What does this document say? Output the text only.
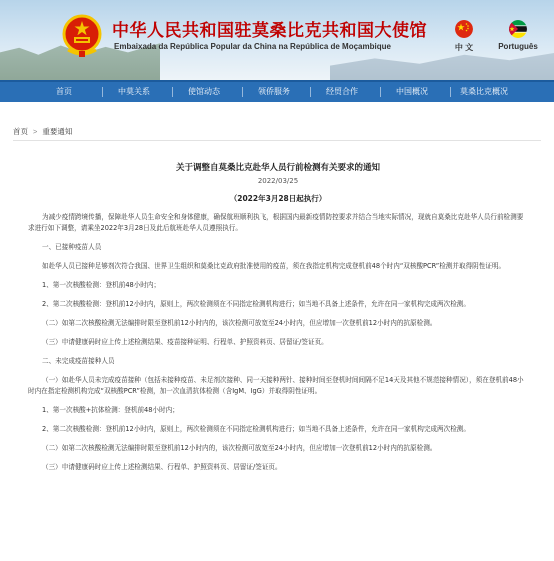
中华人民共和国驻莫桑比克共和国大使馆
Embaixada da República Popular da China na República de Moçambique	中 文	Português
首页	中莫关系	使馆动态	领侨服务	经贸合作	中国概况	莫桑比克概况
首页 > 重要通知
关于调整自莫桑比克赴华人员行前检测有关要求的通知
2022/03/25
（2022年3月28日起执行）

为减少疫情跨境传播，保障赴华人员生命安全和身体健康，确保航班顺利执飞，根据国内最新疫情防控要求并结合当地实际情况，现就自莫桑比克赴华人员行前检测要求进行如下调整，请乘坐2022年3月28日及此后航班赴华人员遵照执行。

一、已接种疫苗人员

如赴华人员已接种足够剂次符合我国、世界卫生组织和莫桑比克政府批准使用的疫苗，须在我指定机构完成登机前48个时内“双核酸PCR”检测并取得阴性证明。

1、第一次核酸检测：登机前48小时内；

2、第二次核酸检测：登机前12小时内，原则上，两次检测须在不同指定检测机构进行；如当地不具备上述条件，允许在同一家机构完成两次检测。

（二）如第二次核酸检测无法编排时限至登机前12小时内的，该次检测可放宽至24小时内，但应增加一次登机前12小时内的抗原检测。

（三）申请健康码时应上传上述检测结果、疫苗接种证明、行程单、护照资料页、居留证/签证页。

二、未完成疫苗接种人员

（一）如赴华人员未完成疫苗接种（包括未接种疫苗、未足剂次接种、同一天接种两针、接种时间至登机时间间隔不足14天及其他不规范接种情况），须在登机前48小时内在指定检测机构完成“双核酸PCR”检测，加一次血清抗体检测（含IgM、IgG）并取得阴性证明。

1、第一次核酸+抗体检测：登机前48小时内；

2、第二次核酸检测：登机前12小时内，原则上，两次检测须在不同指定检测机构进行；如当地不具备上述条件，允许在同一家机构完成两次检测。

（二）如第二次核酸检测无法编排时限至登机前12小时内的，该次检测可放宽至24小时内，但应增加一次登机前12小时内的抗原检测。

（三）申请健康码时应上传上述检测结果、行程单、护照资料页、居留证/签证页。
